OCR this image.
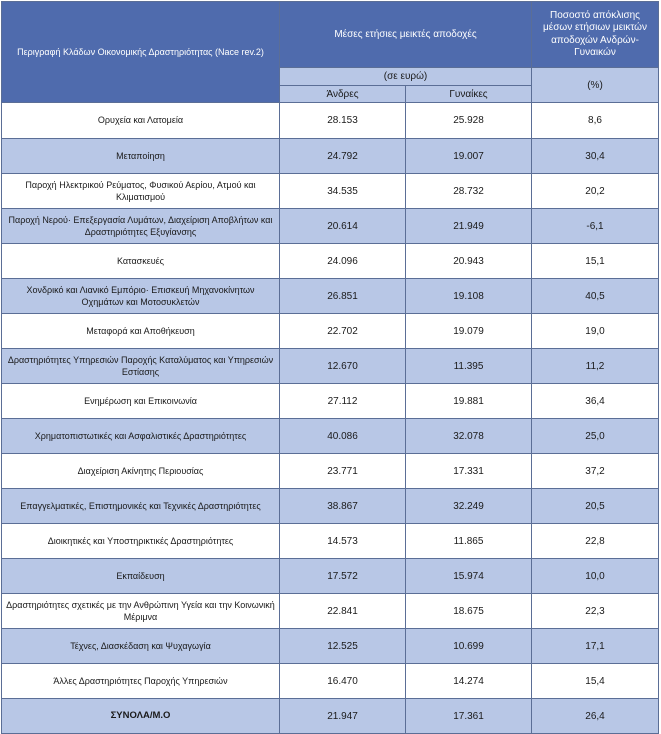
Περιγραφή Κλάδων Οικονομικής Δραστηριότητας (Nace rev.2)	Μέσες ετήσιες μεικτές αποδοχές		Ποσοστό απόκλισης μέσων ετήσιων μεικτών αποδοχών Ανδρών-Γυναικών
	(σε ευρώ)		(%)
	Άνδρες	Γυναίκες	
Ορυχεία και Λατομεία	28.153	25.928	8,6
Μεταποίηση	24.792	19.007	30,4
Παροχή Ηλεκτρικού Ρεύματος, Φυσικού Αερίου, Ατμού και Κλιματισμού	34.535	28.732	20,2
Παροχή Νερού· Επεξεργασία Λυμάτων, Διαχείριση Αποβλήτων και Δραστηριότητες Εξυγίανσης	20.614	21.949	-6,1
Κατασκευές	24.096	20.943	15,1
Χονδρικό και Λιανικό Εμπόριο· Επισκευή Μηχανοκίνητων Οχημάτων και Μοτοσυκλετών	26.851	19.108	40,5
Μεταφορά και Αποθήκευση	22.702	19.079	19,0
Δραστηριότητες Υπηρεσιών Παροχής Καταλύματος και Υπηρεσιών Εστίασης	12.670	11.395	11,2
Ενημέρωση και Επικοινωνία	27.112	19.881	36,4
Χρηματοπιστωτικές και Ασφαλιστικές Δραστηριότητες	40.086	32.078	25,0
Διαχείριση Ακίνητης Περιουσίας	23.771	17.331	37,2
Επαγγελματικές, Επιστημονικές και Τεχνικές Δραστηριότητες	38.867	32.249	20,5
Διοικητικές και Υποστηρικτικές Δραστηριότητες	14.573	11.865	22,8
Εκπαίδευση	17.572	15.974	10,0
Δραστηριότητες σχετικές με την Ανθρώπινη Υγεία και την Κοινωνική Μέριμνα	22.841	18.675	22,3
Τέχνες, Διασκέδαση και Ψυχαγωγία	12.525	10.699	17,1
Άλλες Δραστηριότητες Παροχής Υπηρεσιών	16.470	14.274	15,4
ΣΥΝΟΛΑ/Μ.Ο	21.947	17.361	26,4
